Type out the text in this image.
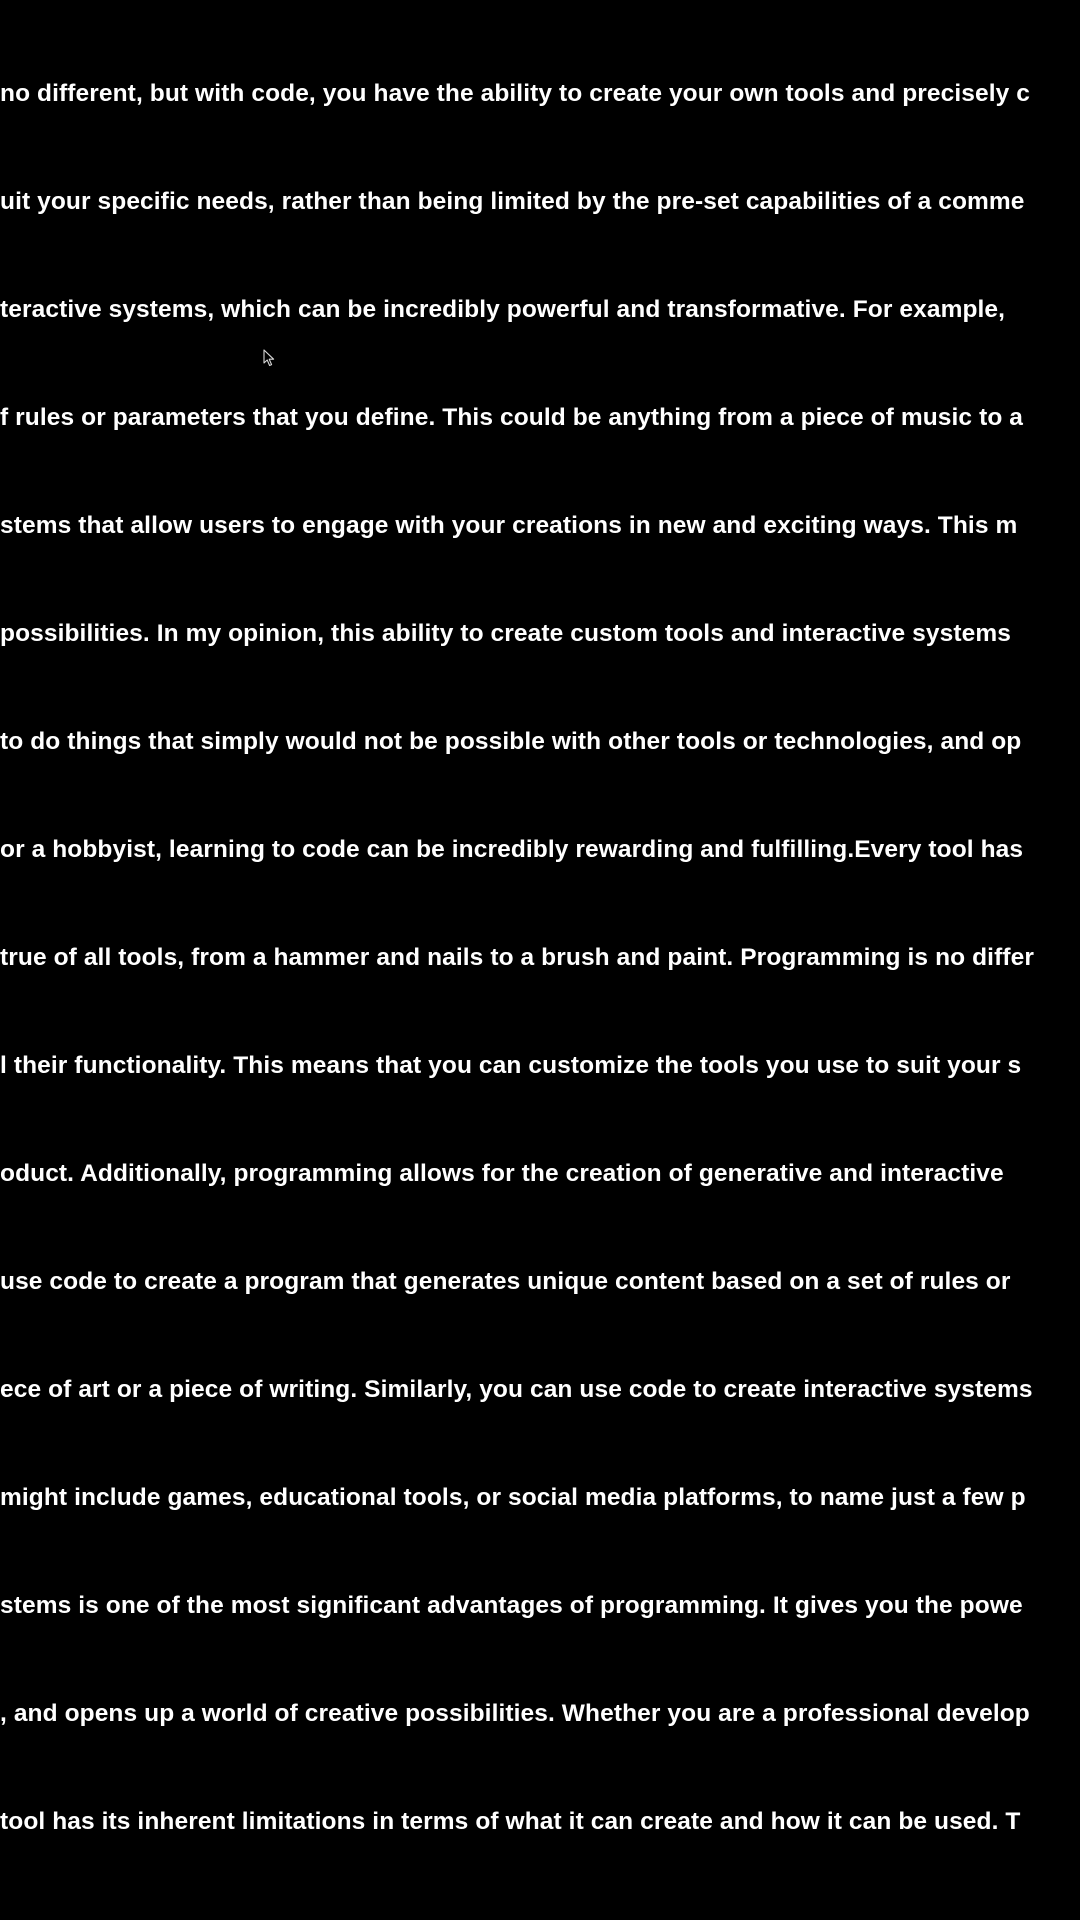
no different, but with code, you have the ability to create your own tools and precisely c
uit your specific needs, rather than being limited by the pre-set capabilities of a comme
teractive systems, which can be incredibly powerful and transformative. For example,
f rules or parameters that you define. This could be anything from a piece of music to a
stems that allow users to engage with your creations in new and exciting ways. This m
possibilities. In my opinion, this ability to create custom tools and interactive systems
to do things that simply would not be possible with other tools or technologies, and op
or a hobbyist, learning to code can be incredibly rewarding and fulfilling.Every tool has
true of all tools, from a hammer and nails to a brush and paint. Programming is no differ
l their functionality. This means that you can customize the tools you use to suit your s
oduct. Additionally, programming allows for the creation of generative and interactive
use code to create a program that generates unique content based on a set of rules or
ece of art or a piece of writing. Similarly, you can use code to create interactive systems
might include games, educational tools, or social media platforms, to name just a few p
stems is one of the most significant advantages of programming. It gives you the powe
, and opens up a world of creative possibilities. Whether you are a professional develop
tool has its inherent limitations in terms of what it can create and how it can be used. T
